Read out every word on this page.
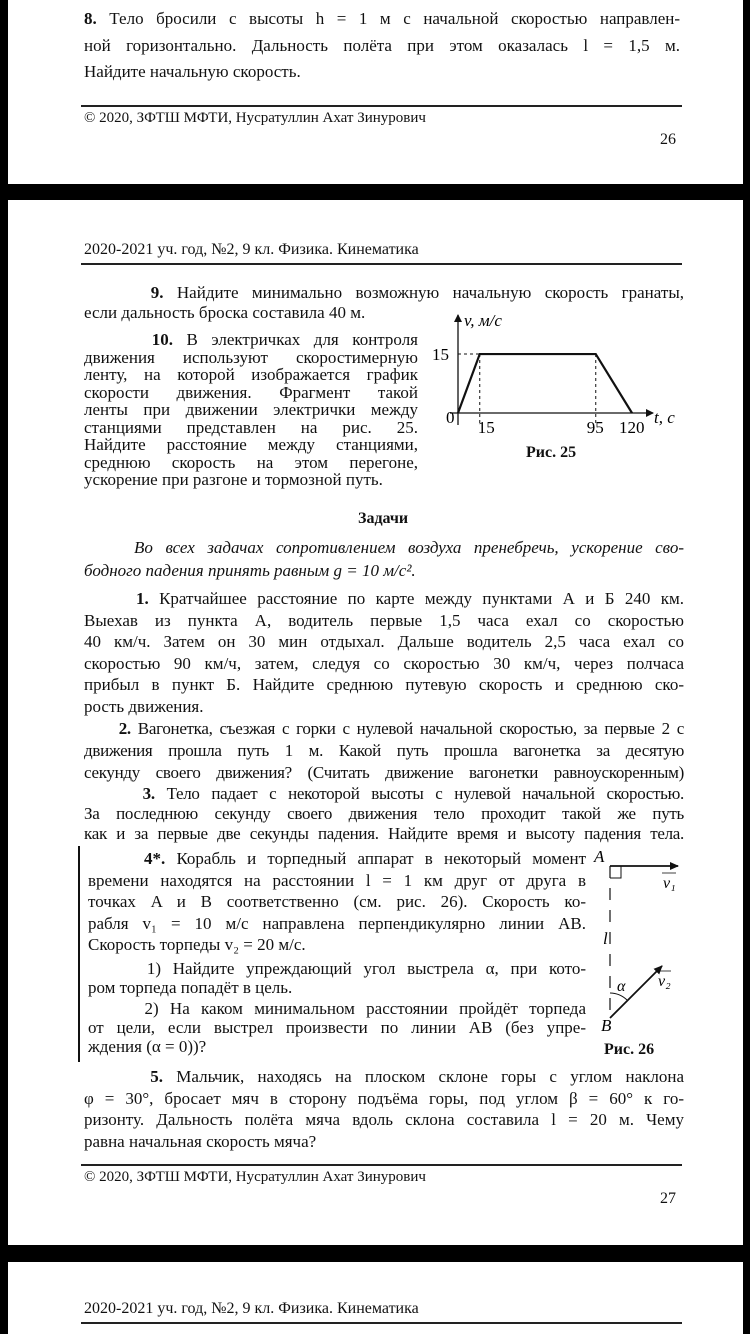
8. Тело бросили с высоты h = 1 м с начальной скоростью направлен-
ной горизонтально. Дальность полёта при этом оказалась l = 1,5 м.
Найдите начальную скорость.
© 2020, ЗФТШ МФТИ, Нусратуллин Ахат Зинурович
26
2020-2021 уч. год, №2, 9 кл. Физика. Кинематика
9. Найдите минимально возможную начальную скорость гранаты,
если дальность броска составила 40 м.
10. В электричках для контроля
движения используют скоростимерную
ленту, на которой изображается график
скорости движения. Фрагмент такой
ленты при движении электрички между
станциями представлен на рис. 25.
Найдите расстояние между станциями,
среднюю скорость на этом перегоне,
ускорение при разгоне и тормозной путь.
0
15
15	95 120
v, м/с
t, с
Рис. 25
Задачи
Во всех задачах сопротивлением воздуха пренебречь, ускорение сво-
бодного падения принять равным g = 10 м/с².
1. Кратчайшее расстояние по карте между пунктами А и Б 240 км.
Выехав из пункта А, водитель первые 1,5 часа ехал со скоростью
40 км/ч. Затем он 30 мин отдыхал. Дальше водитель 2,5 часа ехал со
скоростью 90 км/ч, затем, следуя со скоростью 30 км/ч, через полчаса
прибыл в пункт Б. Найдите среднюю путевую скорость и среднюю ско-
рость движения.
2. Вагонетка, съезжая с горки с нулевой начальной скоростью, за первые 2 с
движения прошла путь 1 м. Какой путь прошла вагонетка за десятую
секунду своего движения? (Считать движение вагонетки равноускоренным)
3. Тело падает с некоторой высоты с нулевой начальной скоростью.
За последнюю секунду своего движения тело проходит такой же путь
как и за первые две секунды падения. Найдите время и высоту падения тела.
4*. Корабль и торпедный аппарат в некоторый момент
времени находятся на расстоянии l = 1 км друг от друга в
точках A и B соответственно (см. рис. 26). Скорость ко-
рабля v₁ = 10 м/с направлена перпендикулярно линии AB.
Скорость торпеды v₂ = 20 м/с.
1) Найдите упреждающий угол выстрела α, при кото-
ром торпеда попадёт в цель.
2) На каком минимальном расстоянии пройдёт торпеда
от цели, если выстрел произвести по линии AB (без упре-
ждения (α = 0))?
A
v₁
l
α v₂
B
Рис. 26
5. Мальчик, находясь на плоском склоне горы с углом наклона
φ = 30°, бросает мяч в сторону подъёма горы, под углом β = 60° к го-
ризонту. Дальность полёта мяча вдоль склона составила l = 20 м. Чему
равна начальная скорость мяча?
© 2020, ЗФТШ МФТИ, Нусратуллин Ахат Зинурович
27
2020-2021 уч. год, №2, 9 кл. Физика. Кинематика
